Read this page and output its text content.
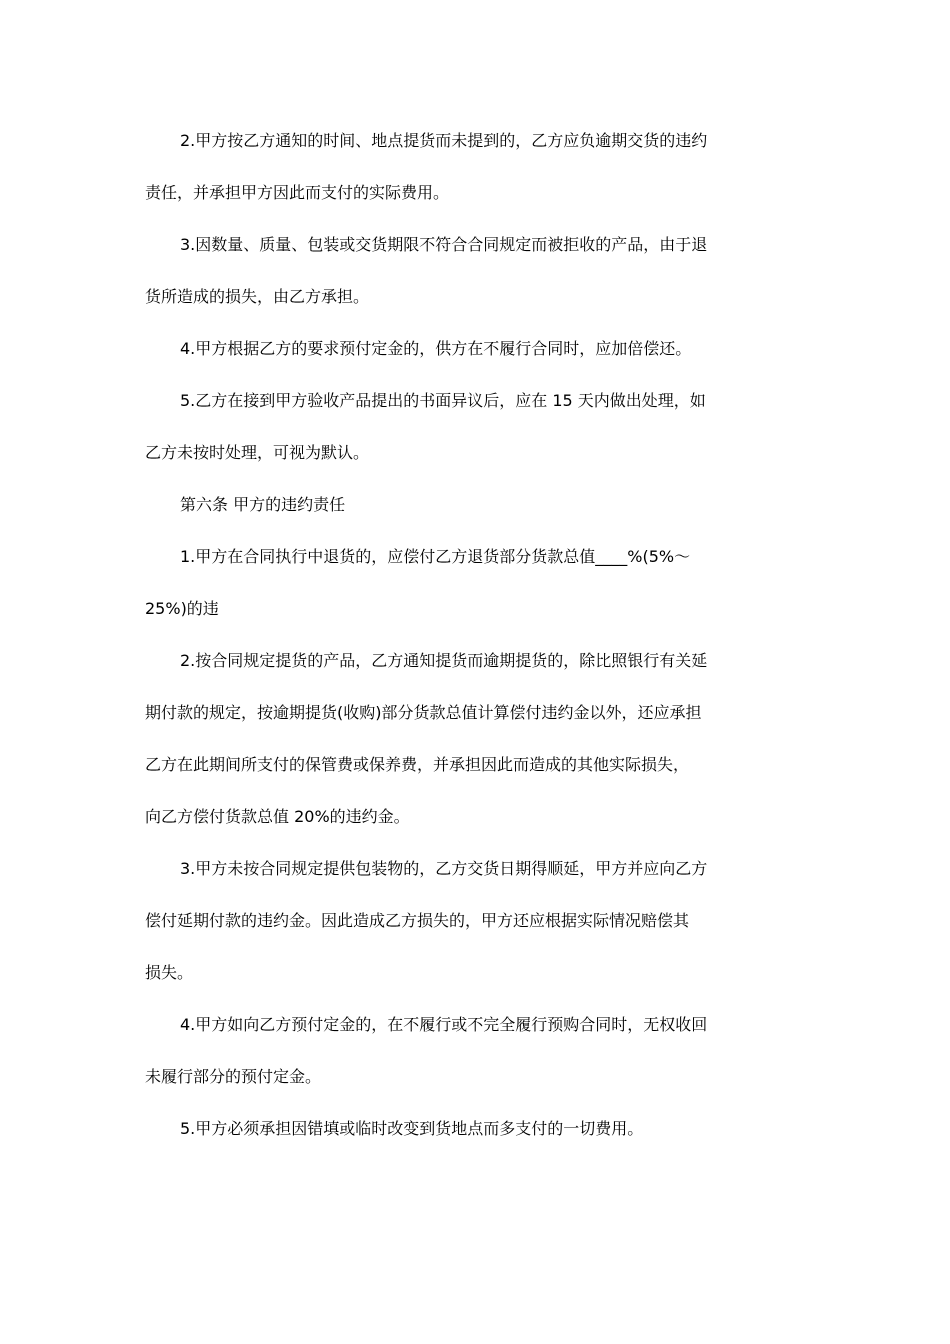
2.甲方按乙方通知的时间、地点提货而未提到的，乙方应负逾期交货的违约
责任，并承担甲方因此而支付的实际费用。
3.因数量、质量、包装或交货期限不符合合同规定而被拒收的产品，由于退
货所造成的损失，由乙方承担。
4.甲方根据乙方的要求预付定金的，供方在不履行合同时，应加倍偿还。
5.乙方在接到甲方验收产品提出的书面异议后，应在 15 天内做出处理，如
乙方未按时处理，可视为默认。
第六条 甲方的违约责任
1.甲方在合同执行中退货的，应偿付乙方退货部分货款总值____%(5%～
25%)的违
2.按合同规定提货的产品，乙方通知提货而逾期提货的，除比照银行有关延
期付款的规定，按逾期提货(收购)部分货款总值计算偿付违约金以外，还应承担
乙方在此期间所支付的保管费或保养费，并承担因此而造成的其他实际损失，
向乙方偿付货款总值 20%的违约金。
3.甲方未按合同规定提供包装物的，乙方交货日期得顺延，甲方并应向乙方
偿付延期付款的违约金。因此造成乙方损失的，甲方还应根据实际情况赔偿其
损失。
4.甲方如向乙方预付定金的，在不履行或不完全履行预购合同时，无权收回
未履行部分的预付定金。
5.甲方必须承担因错填或临时改变到货地点而多支付的一切费用。
